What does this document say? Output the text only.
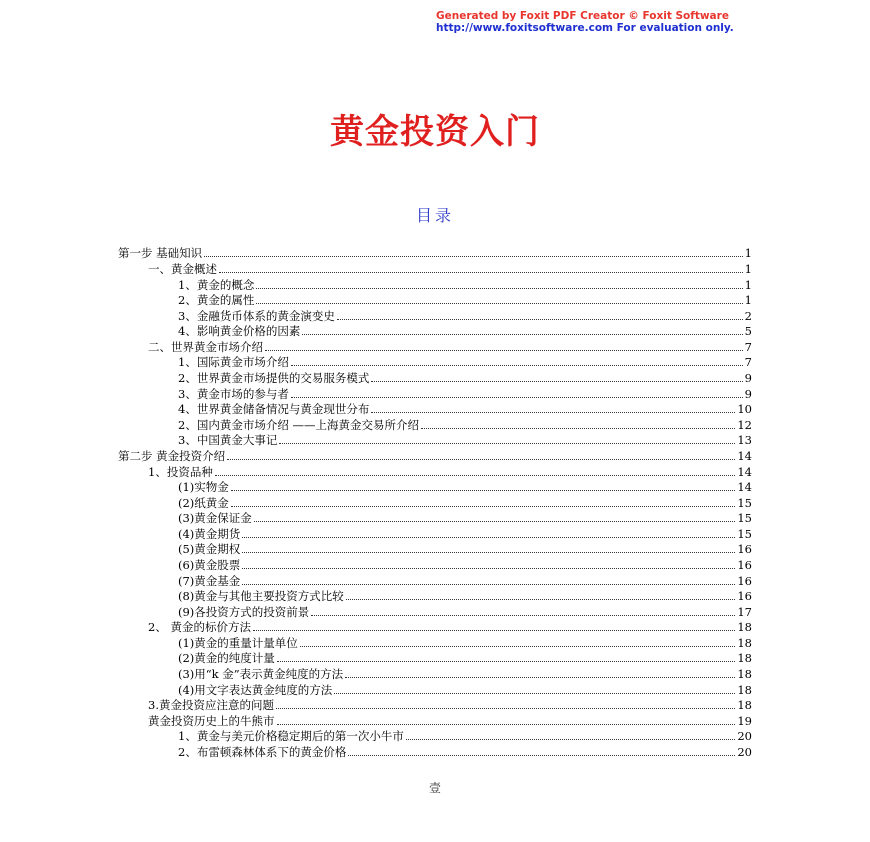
Generated by Foxit PDF Creator © Foxit Software
http://www.foxitsoftware.com For evaluation only.
黄金投资入门
目录
第一步 基础知识	1
一、黄金概述	1
1、黄金的概念	1
2、黄金的属性	1
3、金融货币体系的黄金演变史	2
4、影响黄金价格的因素	5
二、世界黄金市场介绍	7
1、国际黄金市场介绍	7
2、世界黄金市场提供的交易服务模式	9
3、黄金市场的参与者	9
4、世界黄金储备情况与黄金现世分布	10
2、国内黄金市场介绍 ——上海黄金交易所介绍	12
3、中国黄金大事记	13
第二步 黄金投资介绍	14
1、投资品种	14
(1)实物金	14
(2)纸黄金	15
(3)黄金保证金	15
(4)黄金期货	15
(5)黄金期权	16
(6)黄金股票	16
(7)黄金基金	16
(8)黄金与其他主要投资方式比较	16
(9)各投资方式的投资前景	17
2、 黄金的标价方法	18
(1)黄金的重量计量单位	18
(2)黄金的纯度计量	18
(3)用“k 金”表示黄金纯度的方法	18
(4)用文字表达黄金纯度的方法	18
3.黄金投资应注意的问题	18
黄金投资历史上的牛熊市	19
1、黄金与美元价格稳定期后的第一次小牛市	20
2、布雷顿森林体系下的黄金价格	20
壹
